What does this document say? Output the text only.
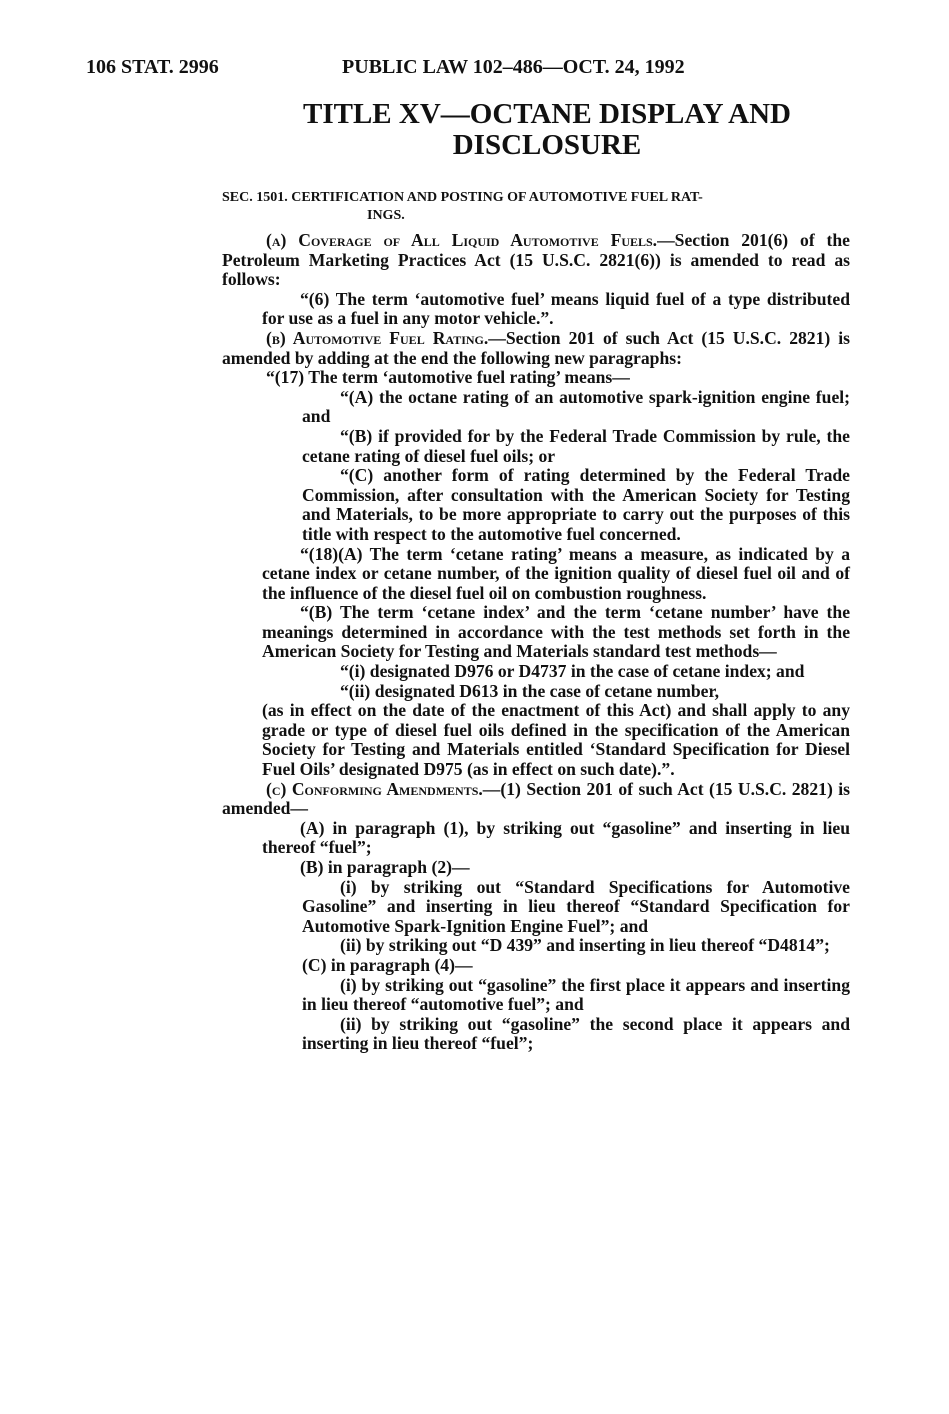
106 STAT. 2996	PUBLIC LAW 102–486—OCT. 24, 1992
TITLE XV—OCTANE DISPLAY AND
DISCLOSURE
SEC. 1501. CERTIFICATION AND POSTING OF AUTOMOTIVE FUEL RAT-
INGS.

(a) Coverage of All Liquid Automotive Fuels.—Section 201(6) of the Petroleum Marketing Practices Act (15 U.S.C. 2821(6)) is amended to read as follows:

“(6) The term ‘automotive fuel’ means liquid fuel of a type distributed for use as a fuel in any motor vehicle.”.

(b) Automotive Fuel Rating.—Section 201 of such Act (15 U.S.C. 2821) is amended by adding at the end the following new paragraphs:

“(17) The term ‘automotive fuel rating’ means—

“(A) the octane rating of an automotive spark-ignition engine fuel; and

“(B) if provided for by the Federal Trade Commission by rule, the cetane rating of diesel fuel oils; or

“(C) another form of rating determined by the Federal Trade Commission, after consultation with the American Society for Testing and Materials, to be more appropriate to carry out the purposes of this title with respect to the automotive fuel concerned.

“(18)(A) The term ‘cetane rating’ means a measure, as indicated by a cetane index or cetane number, of the ignition quality of diesel fuel oil and of the influence of the diesel fuel oil on combustion roughness.

“(B) The term ‘cetane index’ and the term ‘cetane number’ have the meanings determined in accordance with the test methods set forth in the American Society for Testing and Materials standard test methods—

“(i) designated D976 or D4737 in the case of cetane index; and

“(ii) designated D613 in the case of cetane number,

(as in effect on the date of the enactment of this Act) and shall apply to any grade or type of diesel fuel oils defined in the specification of the American Society for Testing and Materials entitled ‘Standard Specification for Diesel Fuel Oils’ designated D975 (as in effect on such date).”.

(c) Conforming Amendments.—(1) Section 201 of such Act (15 U.S.C. 2821) is amended—

(A) in paragraph (1), by striking out “gasoline” and inserting in lieu thereof “fuel”;

(B) in paragraph (2)—

(i) by striking out “Standard Specifications for Automotive Gasoline” and inserting in lieu thereof “Standard Specification for Automotive Spark-Ignition Engine Fuel”; and

(ii) by striking out “D 439” and inserting in lieu thereof “D4814”;

(C) in paragraph (4)—

(i) by striking out “gasoline” the first place it appears and inserting in lieu thereof “automotive fuel”; and

(ii) by striking out “gasoline” the second place it appears and inserting in lieu thereof “fuel”;
